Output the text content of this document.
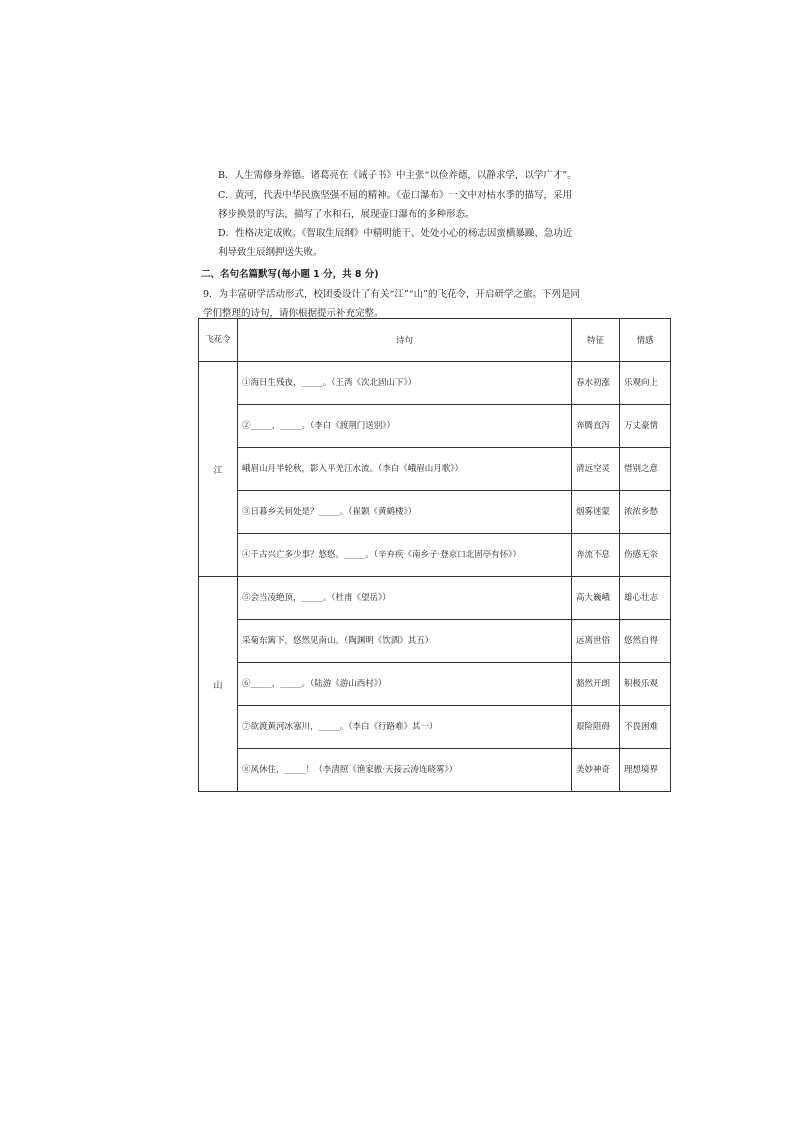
B．人生需修身养德。诸葛亮在《诫子书》中主张“以俭养德，以静求学，以学广才”。
C．黄河，代表中华民族坚强不屈的精神。《壶口瀑布》一文中对枯水季的描写，采用
移步换景的写法，描写了水和石，展现壶口瀑布的多种形态。
D．性格决定成败。《智取生辰纲》中精明能干、处处小心的杨志因蛮横暴躁、急功近
利导致生辰纲押送失败。
二、名句名篇默写(每小题 1 分，共 8 分)
9．为丰富研学活动形式，校团委设计了有关“江”“山”的飞花令，开启研学之旅。下列是同
学们整理的诗句，请你根据提示补充完整。
飞花令	诗句	特征	情感
江	①海日生残夜，_____。（王湾《次北固山下》）	春水初涨	乐观向上

	②_____，_____。（李白《渡荆门送别》）	奔腾直泻	万丈豪情

	峨眉山月半轮秋，影入平羌江水流。（李白《峨眉山月歌》）	清远空灵	惜别之意

	③日暮乡关何处是？_____。（崔颢《黄鹤楼》）	烟雾迷蒙	浓浓乡愁

	④千古兴亡多少事？悠悠。_____。（辛弃疾《南乡子·登京口北固亭有怀》）	奔流不息	伤感无奈

山	⑤会当凌绝顶，_____。（杜甫《望岳》）	高大巍峨	雄心壮志

	采菊东篱下，悠然见南山。（陶渊明《饮酒》其五）	远离世俗	悠然自得

	⑥_____，_____。（陆游《游山西村》）	豁然开朗	积极乐观

	⑦欲渡黄河冰塞川，_____。（李白《行路难》其一）	艰险阻碍	不畏困难

	⑧风休住，_____！（李清照《渔家傲·天接云涛连晓雾》）	美妙神奇	理想境界
